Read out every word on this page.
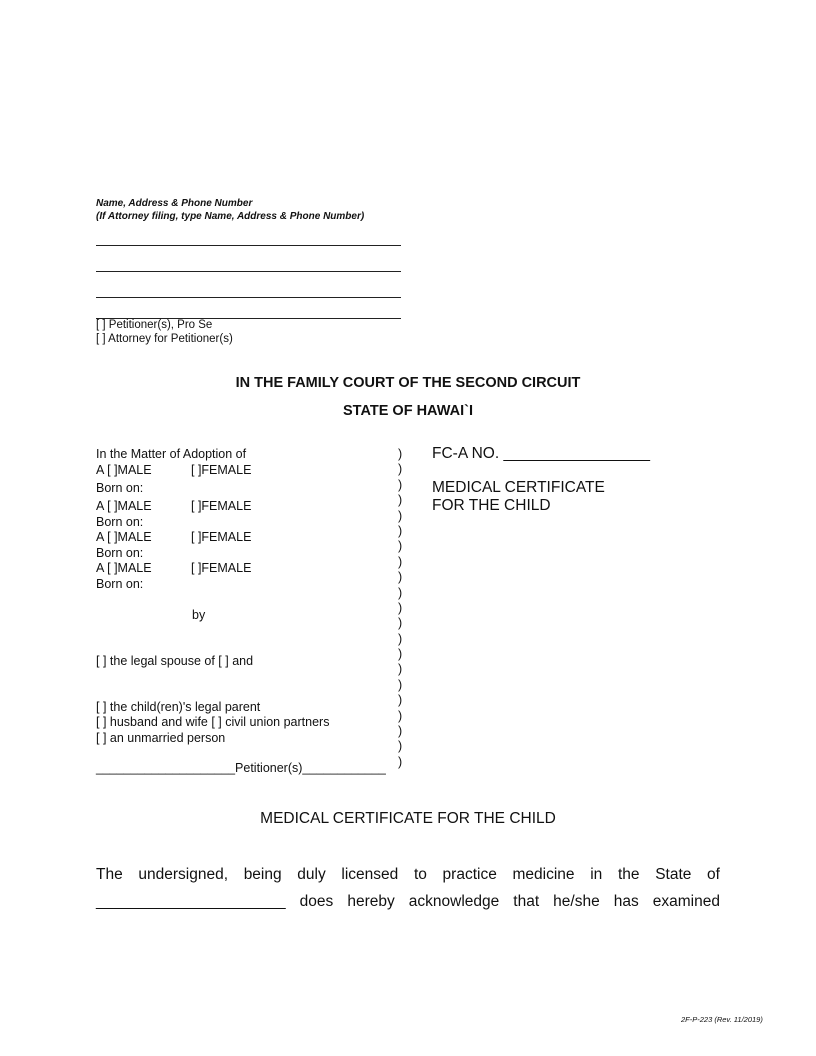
Name, Address & Phone Number
(If Attorney filing, type Name, Address & Phone Number)
[ ] Petitioner(s), Pro Se
[ ] Attorney for Petitioner(s)
IN THE FAMILY COURT OF THE SECOND CIRCUIT
STATE OF HAWAI`I
In the Matter of Adoption of
A [ ]MALE	[ ]FEMALE
Born on:
A [ ]MALE	[ ]FEMALE
Born on:
A [ ]MALE	[ ]FEMALE
Born on:
A [ ]MALE	[ ]FEMALE
Born on:
by
[ ] the legal spouse of [ ] and
[ ] the child(ren)'s legal parent
[ ] husband and wife [ ] civil union partners
[ ] an unmarried person
____________________Petitioner(s)____________
)
)
)
)
)
)
)
)
)
)
)
)
)
)
)
)
)
)
)
)
)
FC-A NO. _________________
MEDICAL CERTIFICATE
FOR THE CHILD
MEDICAL CERTIFICATE FOR THE CHILD
The undersigned, being duly licensed to practice medicine in the State of
______________________ does hereby acknowledge that he/she has examined
2F-P-223 (Rev. 11/2019)
